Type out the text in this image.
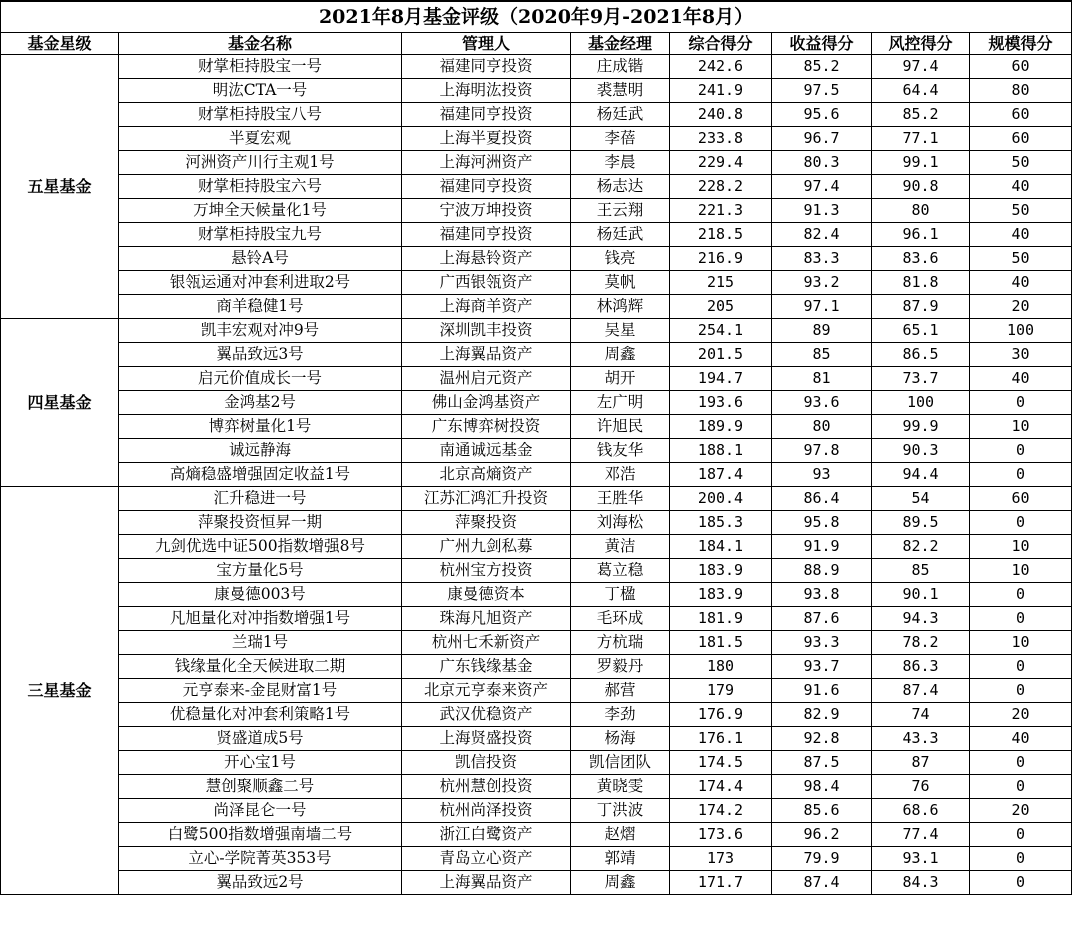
2021年8月基金评级（2020年9月-2021年8月）							
基金星级	基金名称	管理人	基金经理	综合得分	收益得分	风控得分	规模得分
五星基金	财掌柜持股宝一号	福建同亨投资	庄成锴	242.6	85.2	97.4	60
	明汯CTA一号	上海明汯投资	裘慧明	241.9	97.5	64.4	80
	财掌柜持股宝八号	福建同亨投资	杨廷武	240.8	95.6	85.2	60
	半夏宏观	上海半夏投资	李蓓	233.8	96.7	77.1	60
	河洲资产川行主观1号	上海河洲资产	李晨	229.4	80.3	99.1	50
	财掌柜持股宝六号	福建同亨投资	杨志达	228.2	97.4	90.8	40
	万坤全天候量化1号	宁波万坤投资	王云翔	221.3	91.3	80	50
	财掌柜持股宝九号	福建同亨投资	杨廷武	218.5	82.4	96.1	40
	悬铃A号	上海悬铃资产	钱亮	216.9	83.3	83.6	50
	银瓴运通对冲套利进取2号	广西银瓴资产	莫帆	215	93.2	81.8	40
	商羊稳健1号	上海商羊资产	林鸿辉	205	97.1	87.9	20
四星基金	凯丰宏观对冲9号	深圳凯丰投资	吴星	254.1	89	65.1	100
	翼品致远3号	上海翼品资产	周鑫	201.5	85	86.5	30
	启元价值成长一号	温州启元资产	胡开	194.7	81	73.7	40
	金鸿基2号	佛山金鸿基资产	左广明	193.6	93.6	100	0
	博弈树量化1号	广东博弈树投资	许旭民	189.9	80	99.9	10
	诚远静海	南通诚远基金	钱友华	188.1	97.8	90.3	0
	高熵稳盛增强固定收益1号	北京高熵资产	邓浩	187.4	93	94.4	0
三星基金	汇升稳进一号	江苏汇鸿汇升投资	王胜华	200.4	86.4	54	60
	萍聚投资恒昇一期	萍聚投资	刘海松	185.3	95.8	89.5	0
	九剑优选中证500指数增强8号	广州九剑私募	黄洁	184.1	91.9	82.2	10
	宝方量化5号	杭州宝方投资	葛立稳	183.9	88.9	85	10
	康曼德003号	康曼德资本	丁楹	183.9	93.8	90.1	0
	凡旭量化对冲指数增强1号	珠海凡旭资产	毛环成	181.9	87.6	94.3	0
	兰瑞1号	杭州七禾新资产	方杭瑞	181.5	93.3	78.2	10
	钱缘量化全天候进取二期	广东钱缘基金	罗毅丹	180	93.7	86.3	0
	元亨泰来-金昆财富1号	北京元亨泰来资产	郝营	179	91.6	87.4	0
	优稳量化对冲套利策略1号	武汉优稳资产	李劲	176.9	82.9	74	20
	贤盛道成5号	上海贤盛投资	杨海	176.1	92.8	43.3	40
	开心宝1号	凯信投资	凯信团队	174.5	87.5	87	0
	慧创聚顺鑫二号	杭州慧创投资	黄晓雯	174.4	98.4	76	0
	尚泽昆仑一号	杭州尚泽投资	丁洪波	174.2	85.6	68.6	20
	白鹭500指数增强南墙二号	浙江白鹭资产	赵熠	173.6	96.2	77.4	0
	立心-学院菁英353号	青岛立心资产	郭靖	173	79.9	93.1	0
	翼品致远2号	上海翼品资产	周鑫	171.7	87.4	84.3	0
